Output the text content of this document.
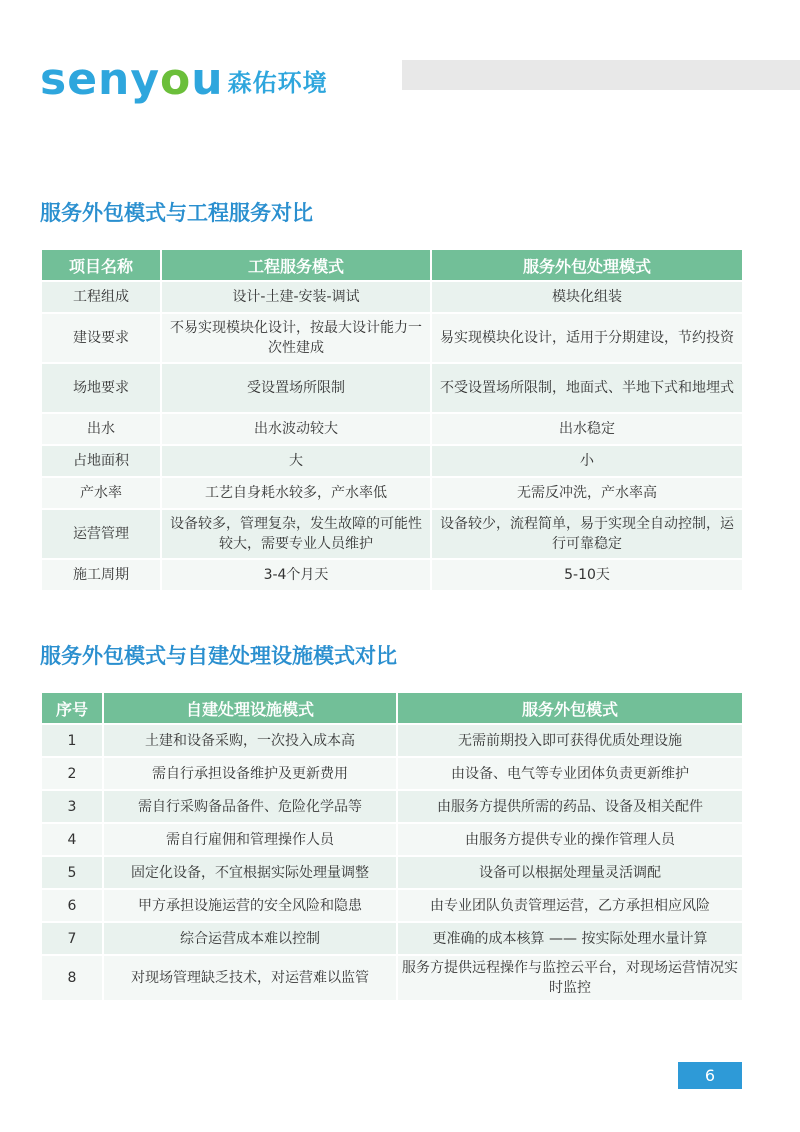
senyou 森佑环境
服务外包模式与工程服务对比
项目名称	工程服务模式	服务外包处理模式
工程组成	设计-土建-安装-调试	模块化组装
建设要求	不易实现模块化设计，按最大设计能力一次性建成	易实现模块化设计，适用于分期建设，节约投资
场地要求	受设置场所限制	不受设置场所限制，地面式、半地下式和地埋式
出水	出水波动较大	出水稳定
占地面积	大	小
产水率	工艺自身耗水较多，产水率低	无需反冲洗，产水率高
运营管理	设备较多，管理复杂，发生故障的可能性较大，需要专业人员维护	设备较少，流程简单，易于实现全自动控制，运行可靠稳定
施工周期	3-4个月天	5-10天
服务外包模式与自建处理设施模式对比
序号	自建处理设施模式	服务外包模式
1	土建和设备采购，一次投入成本高	无需前期投入即可获得优质处理设施
2	需自行承担设备维护及更新费用	由设备、电气等专业团体负责更新维护
3	需自行采购备品备件、危险化学品等	由服务方提供所需的药品、设备及相关配件
4	需自行雇佣和管理操作人员	由服务方提供专业的操作管理人员
5	固定化设备，不宜根据实际处理量调整	设备可以根据处理量灵活调配
6	甲方承担设施运营的安全风险和隐患	由专业团队负责管理运营，乙方承担相应风险
7	综合运营成本难以控制	更准确的成本核算 —— 按实际处理水量计算
8	对现场管理缺乏技术，对运营难以监管	服务方提供远程操作与监控云平台，对现场运营情况实时监控
6
